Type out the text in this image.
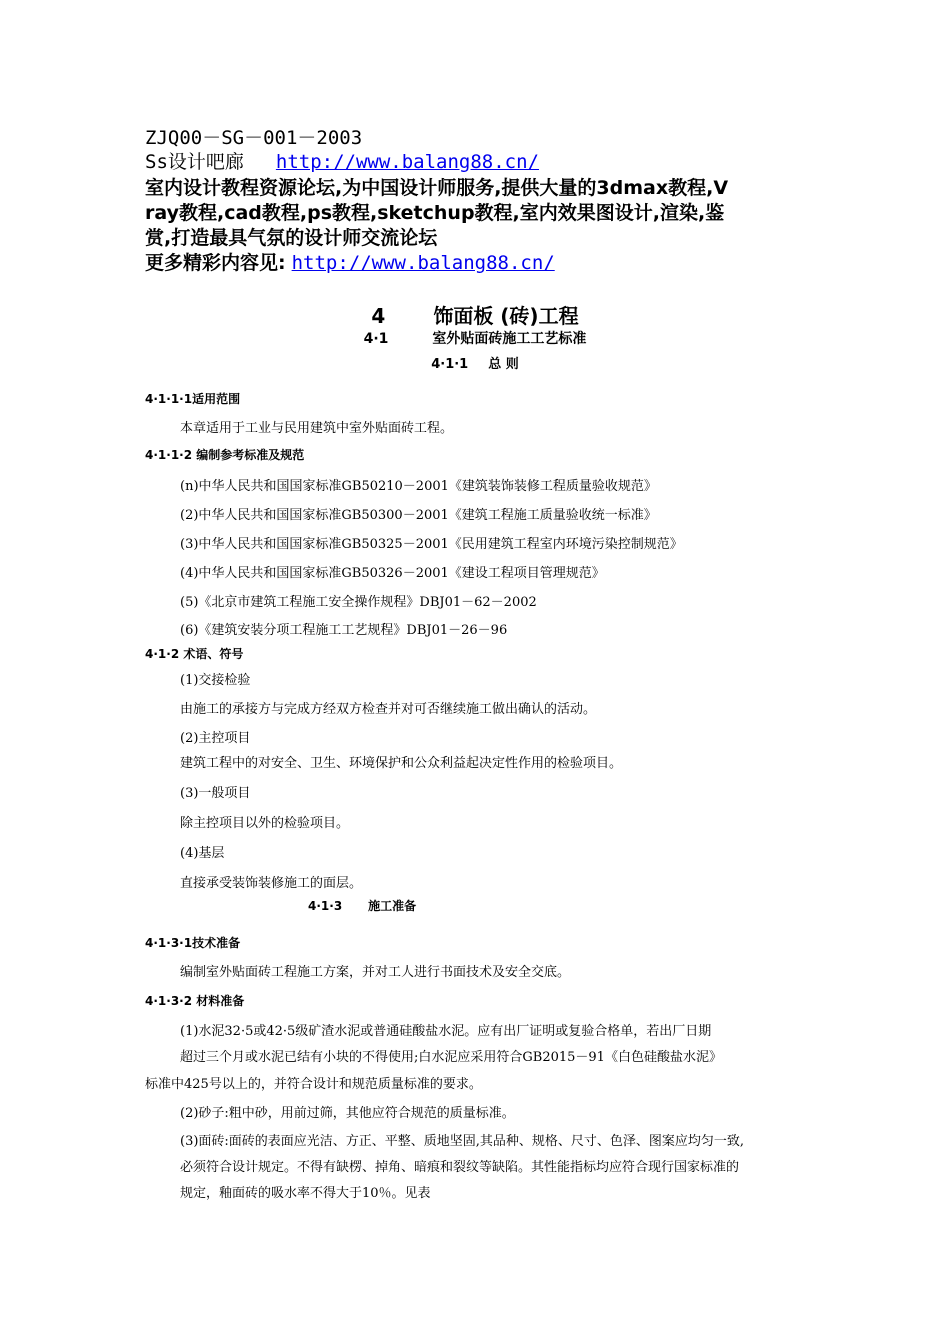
ZJQ00－SG－001－2003
Ss设计吧廊 http://www.balang88.cn/
室内设计教程资源论坛,为中国设计师服务,提供大量的3dmax教程,V
ray教程,cad教程,ps教程,sketchup教程,室内效果图设计,渲染,鉴
赏,打造最具气氛的设计师交流论坛
更多精彩内容见: http://www.balang88.cn/
4 饰面板 (砖)工程
4·1	室外贴面砖施工工艺标准
4·1·1 总 则
4·1·1·1适用范围
本章适用于工业与民用建筑中室外贴面砖工程。
4·1·1·2 编制参考标准及规范
(n)中华人民共和国国家标准GB50210－2001《建筑装饰装修工程质量验收规范》
(2)中华人民共和国国家标准GB50300－2001《建筑工程施工质量验收统一标准》
(3)中华人民共和国国家标准GB50325－2001《民用建筑工程室内环境污染控制规范》
(4)中华人民共和国国家标准GB50326－2001《建设工程项目管理规范》
(5)《北京市建筑工程施工安全操作规程》DBJ01－62－2002
(6)《建筑安装分项工程施工工艺规程》DBJ01－26－96
4·1·2 术语、符号
(1)交接检验
由施工的承接方与完成方经双方检查并对可否继续施工做出确认的活动。
(2)主控项目
建筑工程中的对安全、卫生、环境保护和公众利益起决定性作用的检验项目。
(3)一般项目
除主控项目以外的检验项目。
(4)基层
直接承受装饰装修施工的面层。
4·1·3 施工准备
4·1·3·1技术准备
编制室外贴面砖工程施工方案，并对工人进行书面技术及安全交底。
4·1·3·2 材料准备
(1)水泥32·5或42·5级矿渣水泥或普通硅酸盐水泥。应有出厂证明或复验合格单，若出厂日期
超过三个月或水泥已结有小块的不得使用;白水泥应采用符合GB2015－91《白色硅酸盐水泥》
标准中425号以上的，并符合设计和规范质量标准的要求。
(2)砂子:粗中砂，用前过筛，其他应符合规范的质量标准。
(3)面砖:面砖的表面应光洁、方正、平整、质地坚固,其品种、规格、尺寸、色泽、图案应均匀一致,
必须符合设计规定。不得有缺楞、掉角、暗痕和裂纹等缺陷。其性能指标均应符合现行国家标准的
规定，釉面砖的吸水率不得大于10％。见表
